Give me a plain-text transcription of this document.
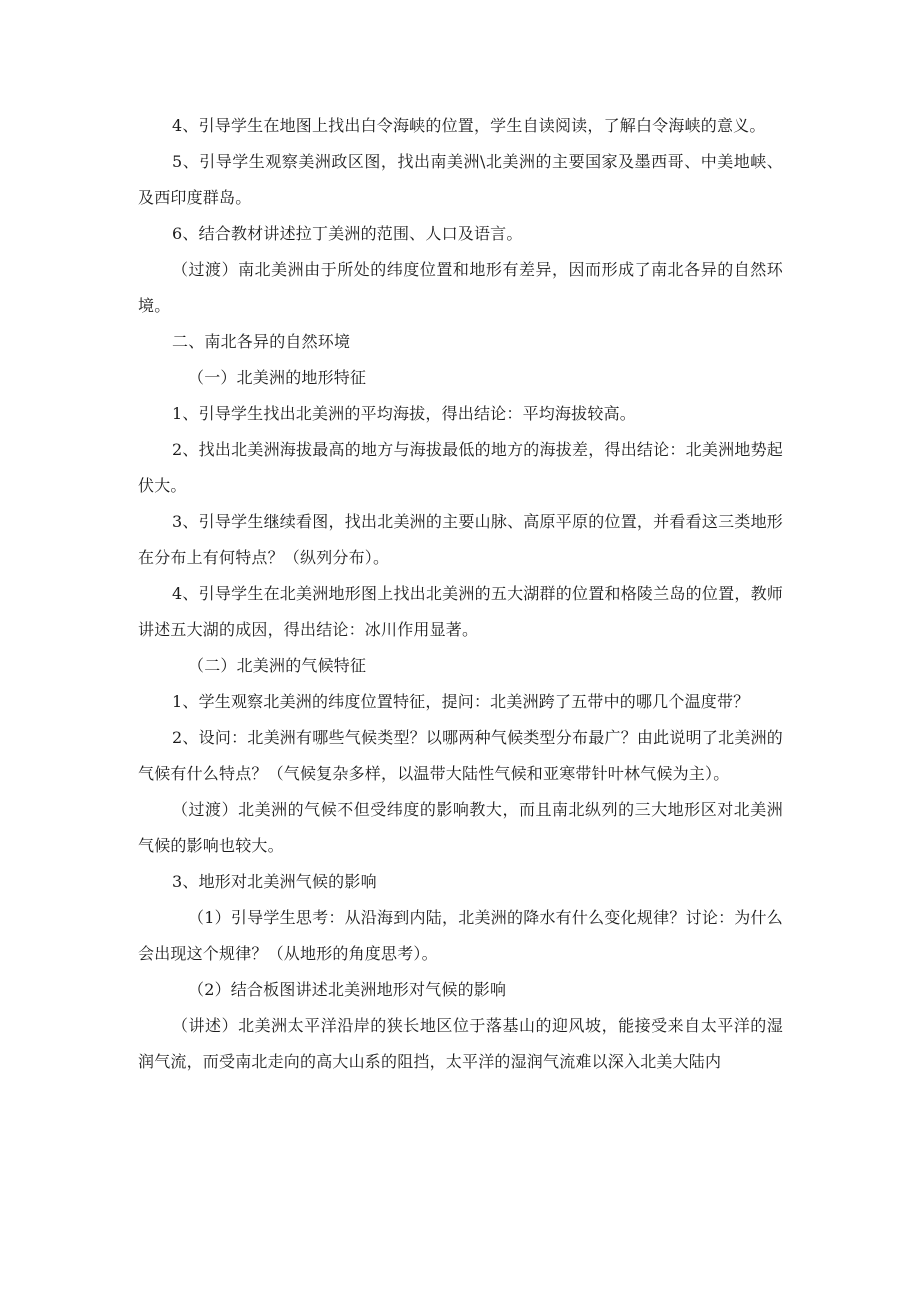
4、引导学生在地图上找出白令海峡的位置，学生自读阅读，了解白令海峡的意义。

5、引导学生观察美洲政区图，找出南美洲\北美洲的主要国家及墨西哥、中美地峡、及西印度群岛。

6、结合教材讲述拉丁美洲的范围、人口及语言。

（过渡）南北美洲由于所处的纬度位置和地形有差异，因而形成了南北各异的自然环境。

二、南北各异的自然环境

（一）北美洲的地形特征

1、引导学生找出北美洲的平均海拔，得出结论：平均海拔较高。

2、找出北美洲海拔最高的地方与海拔最低的地方的海拔差，得出结论：北美洲地势起伏大。

3、引导学生继续看图，找出北美洲的主要山脉、高原平原的位置，并看看这三类地形在分布上有何特点？（纵列分布）。

4、引导学生在北美洲地形图上找出北美洲的五大湖群的位置和格陵兰岛的位置，教师讲述五大湖的成因，得出结论：冰川作用显著。

（二）北美洲的气候特征

1、学生观察北美洲的纬度位置特征，提问：北美洲跨了五带中的哪几个温度带？

2、设问：北美洲有哪些气候类型？以哪两种气候类型分布最广？由此说明了北美洲的气候有什么特点？（气候复杂多样，以温带大陆性气候和亚寒带针叶林气候为主）。

（过渡）北美洲的气候不但受纬度的影响教大，而且南北纵列的三大地形区对北美洲气候的影响也较大。

3、地形对北美洲气候的影响

（1）引导学生思考：从沿海到内陆，北美洲的降水有什么变化规律？讨论：为什么会出现这个规律？（从地形的角度思考）。

（2）结合板图讲述北美洲地形对气候的影响

（讲述）北美洲太平洋沿岸的狭长地区位于落基山的迎风坡，能接受来自太平洋的湿润气流，而受南北走向的高大山系的阻挡，太平洋的湿润气流难以深入北美大陆内
